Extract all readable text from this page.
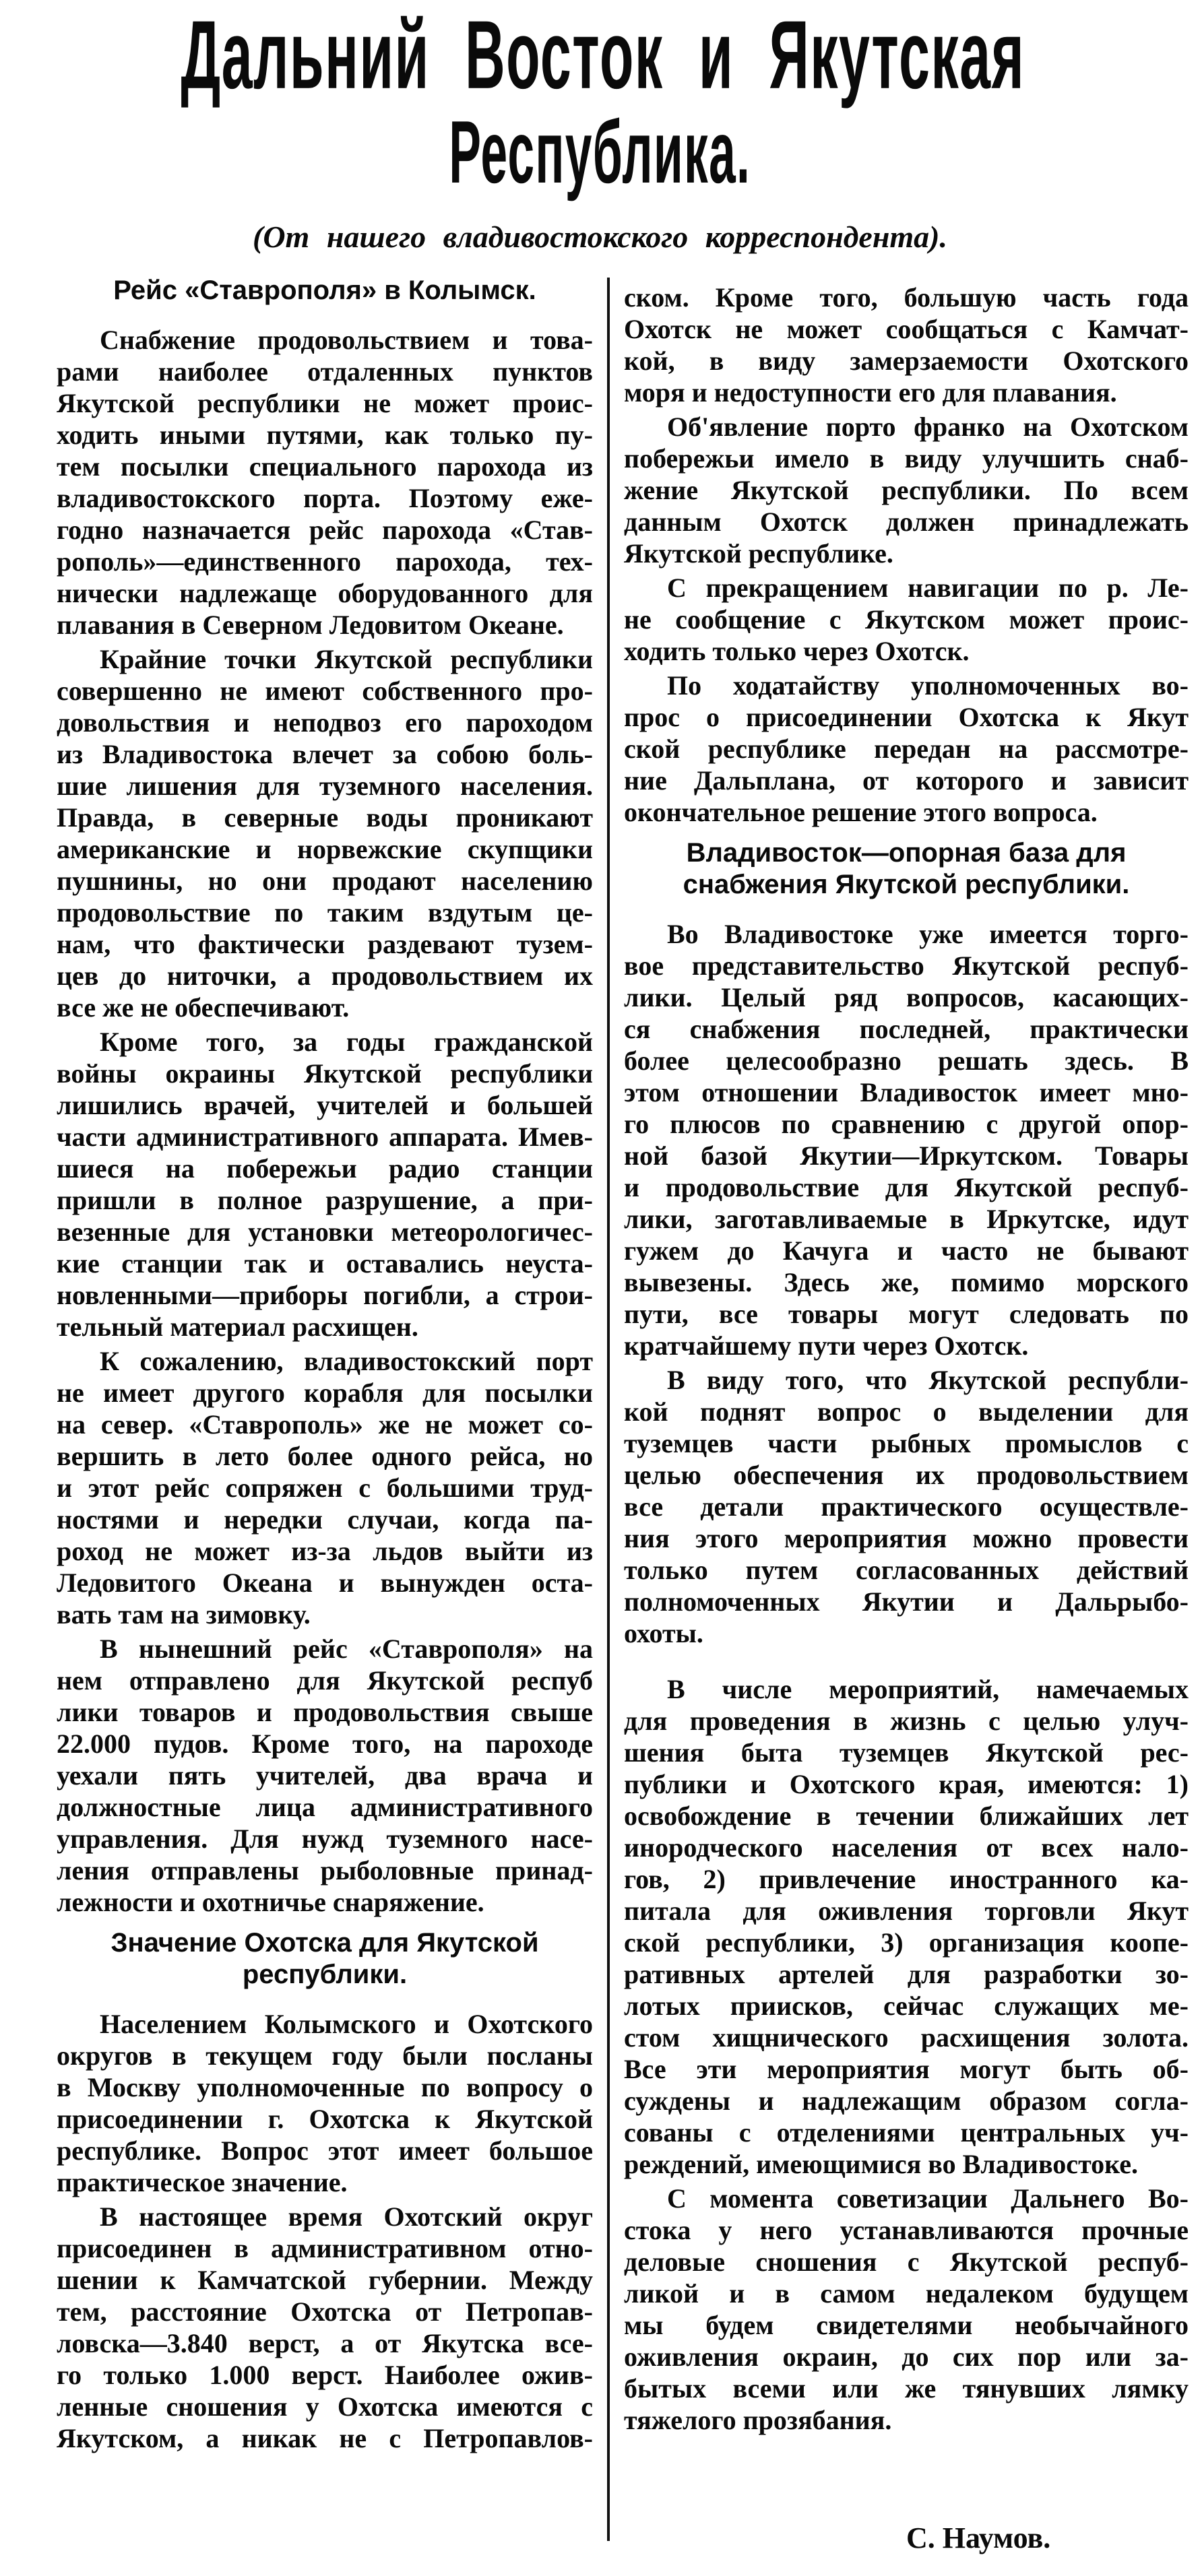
Дальний Восток и Якутская
Республика.
(От нашего владивостокского корреспондента).
Рейс «Ставрополя» в Колымск.
Снабжение продовольствием и това-
рами наиболее отдаленных пунктов
Якутской республики не может проис-
ходить иными путями, как только пу-
тем посылки специального парохода из
владивостокского порта. Поэтому еже-
годно назначается рейс парохода «Став-
рополь»—единственного парохода, тех-
нически надлежаще оборудованного для
плавания в Северном Ледовитом Океане.
Крайние точки Якутской республики
совершенно не имеют собственного про-
довольствия и неподвоз его пароходом
из Владивостока влечет за собою боль-
шие лишения для туземного населения.
Правда, в северные воды проникают
американские и норвежские скупщики
пушнины, но они продают населению
продовольствие по таким вздутым це-
нам, что фактически раздевают тузем-
цев до ниточки, а продовольствием их
все же не обеспечивают.
Кроме того, за годы гражданской
войны окраины Якутской республики
лишились врачей, учителей и большей
части административного аппарата. Имев-
шиеся на побережьи радио станции
пришли в полное разрушение, а при-
везенные для установки метеорологичес-
кие станции так и оставались неуста-
новленными—приборы погибли, а строи-
тельный материал расхищен.
К сожалению, владивостокский порт
не имеет другого корабля для посылки
на север. «Ставрополь» же не может со-
вершить в лето более одного рейса, но
и этот рейс сопряжен с большими труд-
ностями и нередки случаи, когда па-
роход не может из-за льдов выйти из
Ледовитого Океана и вынужден оста-
вать там на зимовку.
В нынешний рейс «Ставрополя» на
нем отправлено для Якутской респуб
лики товаров и продовольствия свыше
22.000 пудов. Кроме того, на пароходе
уехали пять учителей, два врача и
должностные лица административного
управления. Для нужд туземного насе-
ления отправлены рыболовные принад-
лежности и охотничье снаряжение.
Значение Охотска для Якутской
республики.
Населением Колымского и Охотского
округов в текущем году были посланы
в Москву уполномоченные по вопросу о
присоединении г. Охотска к Якутской
республике. Вопрос этот имеет большое
практическое значение.
В настоящее время Охотский округ
присоединен в административном отно-
шении к Камчатской губернии. Между
тем, расстояние Охотска от Петропав-
ловска—3.840 верст, а от Якутска все-
го только 1.000 верст. Наиболее ожив-
ленные сношения у Охотска имеются с
Якутском, а никак не с Петропавлов-
ском. Кроме того, большую часть года
Охотск не может сообщаться с Камчат-
кой, в виду замерзаемости Охотского
моря и недоступности его для плавания.
Об'явление порто франко на Охотском
побережьи имело в виду улучшить снаб-
жение Якутской республики. По всем
данным Охотск должен принадлежать
Якутской республике.
С прекращением навигации по р. Ле-
не сообщение с Якутском может проис-
ходить только через Охотск.
По ходатайству уполномоченных во-
прос о присоединении Охотска к Якут
ской республике передан на рассмотре-
ние Дальплана, от которого и зависит
окончательное решение этого вопроса.
Владивосток—опорная база для
снабжения Якутской республики.
Во Владивостоке уже имеется торго-
вое представительство Якутской респуб-
лики. Целый ряд вопросов, касающих-
ся снабжения последней, практически
более целесообразно решать здесь. В
этом отношении Владивосток имеет мно-
го плюсов по сравнению с другой опор-
ной базой Якутии—Иркутском. Товары
и продовольствие для Якутской респуб-
лики, заготавливаемые в Иркутске, идут
гужем до Качуга и часто не бывают
вывезены. Здесь же, помимо морского
пути, все товары могут следовать по
кратчайшему пути через Охотск.
В виду того, что Якутской республи-
кой поднят вопрос о выделении для
туземцев части рыбных промыслов с
целью обеспечения их продовольствием
все детали практического осуществле-
ния этого мероприятия можно провести
только путем согласованных действий
полномоченных Якутии и Дальрыбо-
охоты.
В числе мероприятий, намечаемых
для проведения в жизнь с целью улуч-
шения быта туземцев Якутской рес-
публики и Охотского края, имеются: 1)
освобождение в течении ближайших лет
инородческого населения от всех нало-
гов, 2) привлечение иностранного ка-
питала для оживления торговли Якут
ской республики, 3) организация коопе-
ративных артелей для разработки зо-
лотых приисков, сейчас служащих ме-
стом хищнического расхищения золота.
Все эти мероприятия могут быть об-
суждены и надлежащим образом согла-
сованы с отделениями центральных уч-
реждений, имеющимися во Владивостоке.
С момента советизации Дальнего Во-
стока у него устанавливаются прочные
деловые сношения с Якутской респуб-
ликой и в самом недалеком будущем
мы будем свидетелями необычайного
оживления окраин, до сих пор или за-
бытых всеми или же тянувших лямку
тяжелого прозябания.
С. Наумов.
